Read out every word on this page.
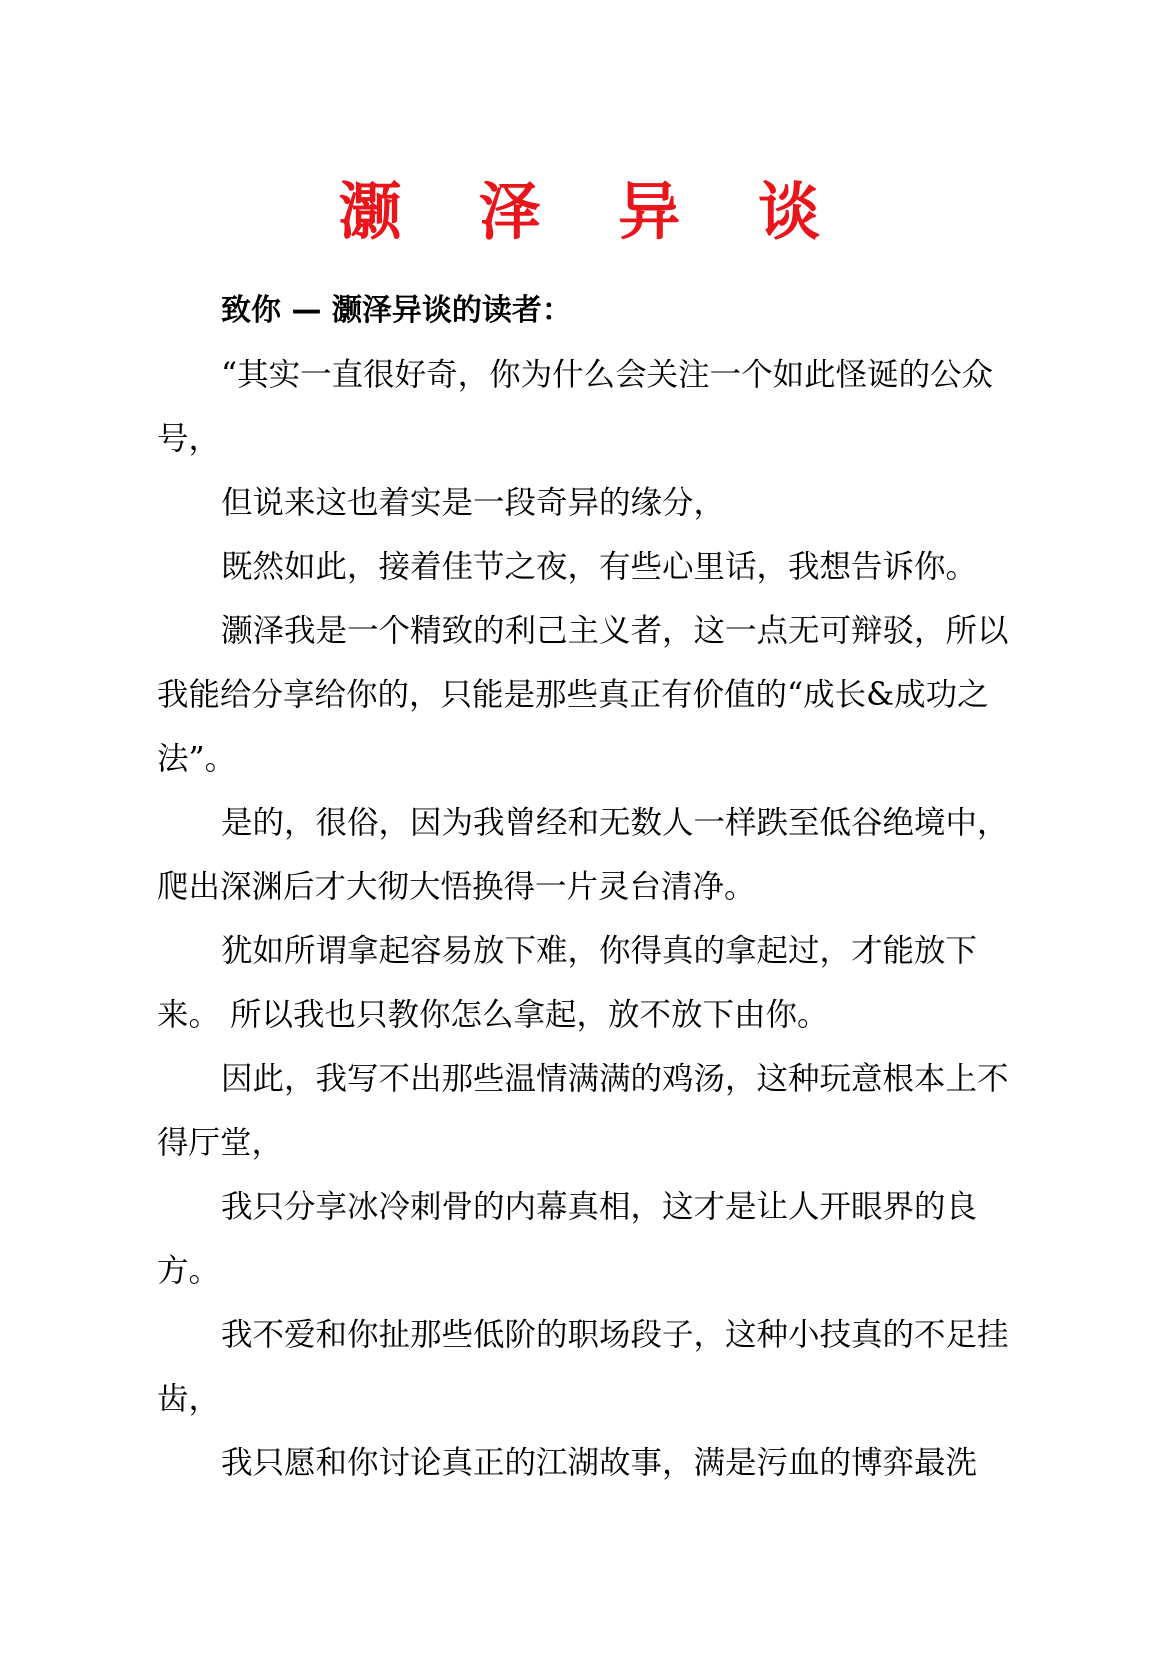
灏 泽 异 谈

致你 — 灏泽异谈的读者：

“其实一直很好奇，你为什么会关注一个如此怪诞的公众号，

但说来这也着实是一段奇异的缘分，

既然如此，接着佳节之夜，有些心里话，我想告诉你。

灏泽我是一个精致的利己主义者，这一点无可辩驳，所以我能给分享给你的，只能是那些真正有价值的“成长&成功之法”。

是的，很俗，因为我曾经和无数人一样跌至低谷绝境中，爬出深渊后才大彻大悟换得一片灵台清净。

犹如所谓拿起容易放下难，你得真的拿起过，才能放下来。 所以我也只教你怎么拿起，放不放下由你。

因此，我写不出那些温情满满的鸡汤，这种玩意根本上不得厅堂，

我只分享冰冷刺骨的内幕真相，这才是让人开眼界的良方。

我不爱和你扯那些低阶的职场段子，这种小技真的不足挂齿，

我只愿和你讨论真正的江湖故事，满是污血的博弈最洗
